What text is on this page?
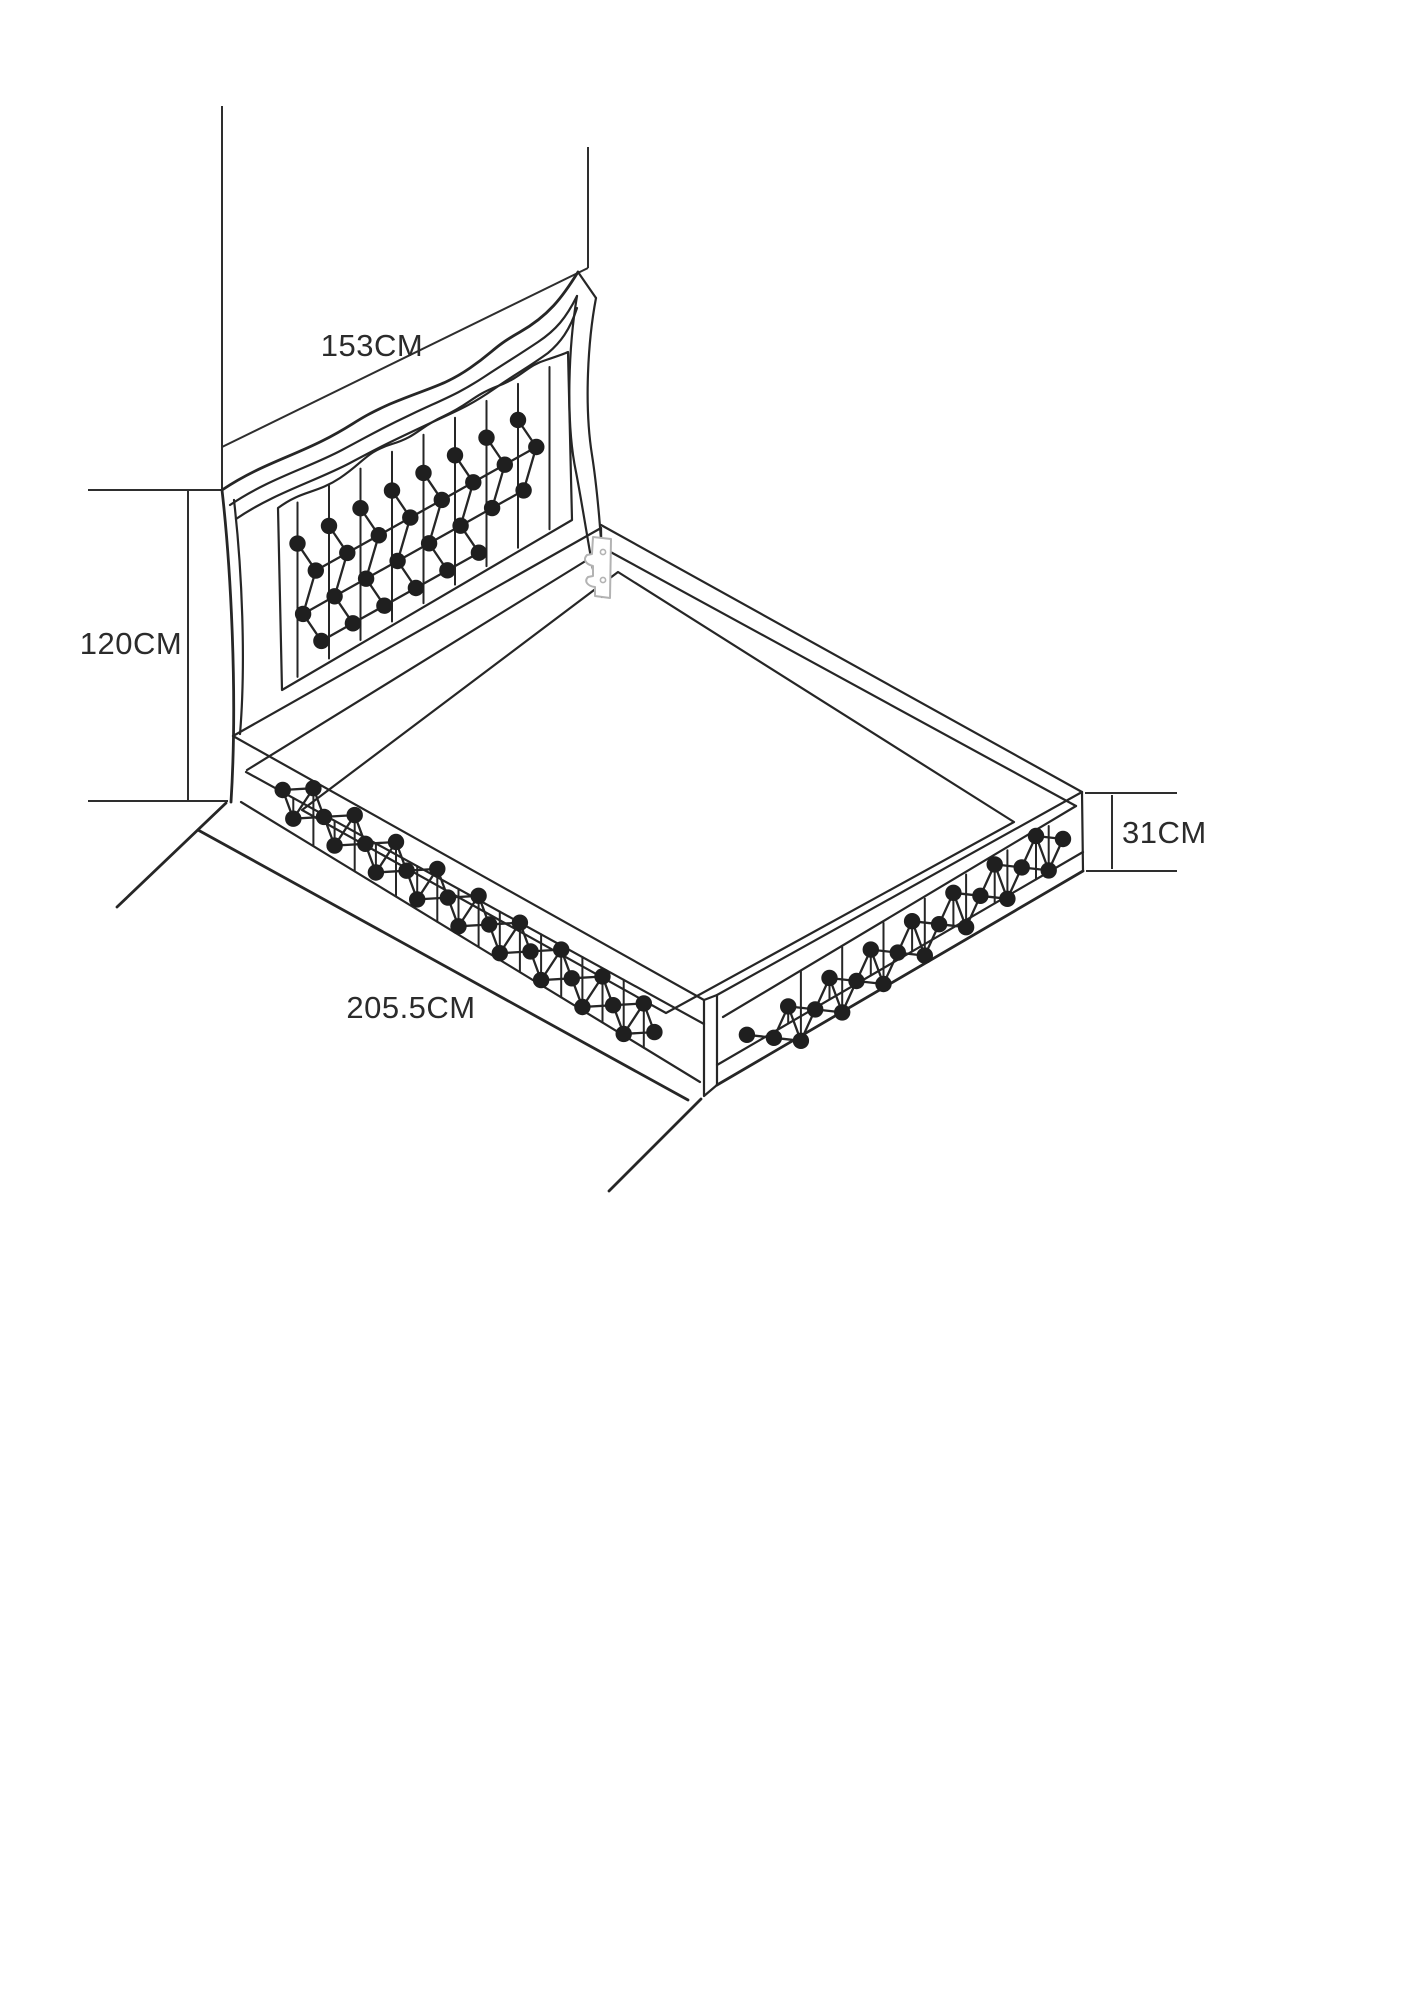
153CM
120CM
205.5CM
31CM
